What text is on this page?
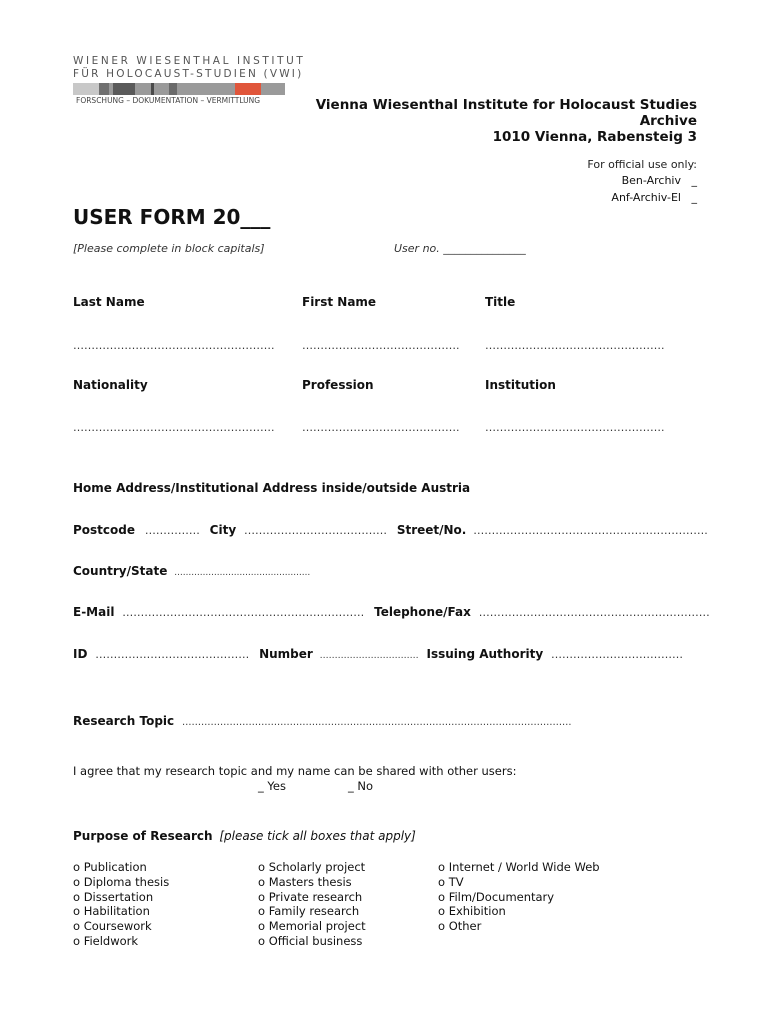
WIENER WIESENTHAL INSTITUT
FÜR HOLOCAUST-STUDIEN (VWI)
FORSCHUNG – DOKUMENTATION – VERMITTLUNG	Vienna Wiesenthal Institute for Holocaust Studies
Archive
1010 Vienna, Rabensteig 3
For official use only:
Ben-Archiv _
Anf-Archiv-El _
USER FORM 20___
[Please complete in block capitals]	User no. _______________
Last Name	First Name	Title
……………………………………………….	……………………………………. ………………………………………….
Nationality	Profession	Institution
……………………………………………….	……………………………………. ………………………………………….
Home Address/Institutional Address inside/outside Austria
Postcode …………… City ………………………………… Street/No. ……………………………………………………….
Country/State …………………………………………
E-Mail ………………………………………………………… Telephone/Fax ………………………………………………………
ID …………………………………… Number …………………………… Issuing Authority ………………………………
Research Topic ……………………………………………………………………………………………………………
I agree that my research topic and my name can be shared with other users:
_ Yes	_ No
Purpose of Research [please tick all boxes that apply]
o Publication
o Diploma thesis
o Dissertation
o Habilitation
o Coursework
o Fieldwork
o Scholarly project
o Masters thesis
o Private research
o Family research
o Memorial project
o Official business
o Internet / World Wide Web
o TV
o Film/Documentary
o Exhibition
o Other
